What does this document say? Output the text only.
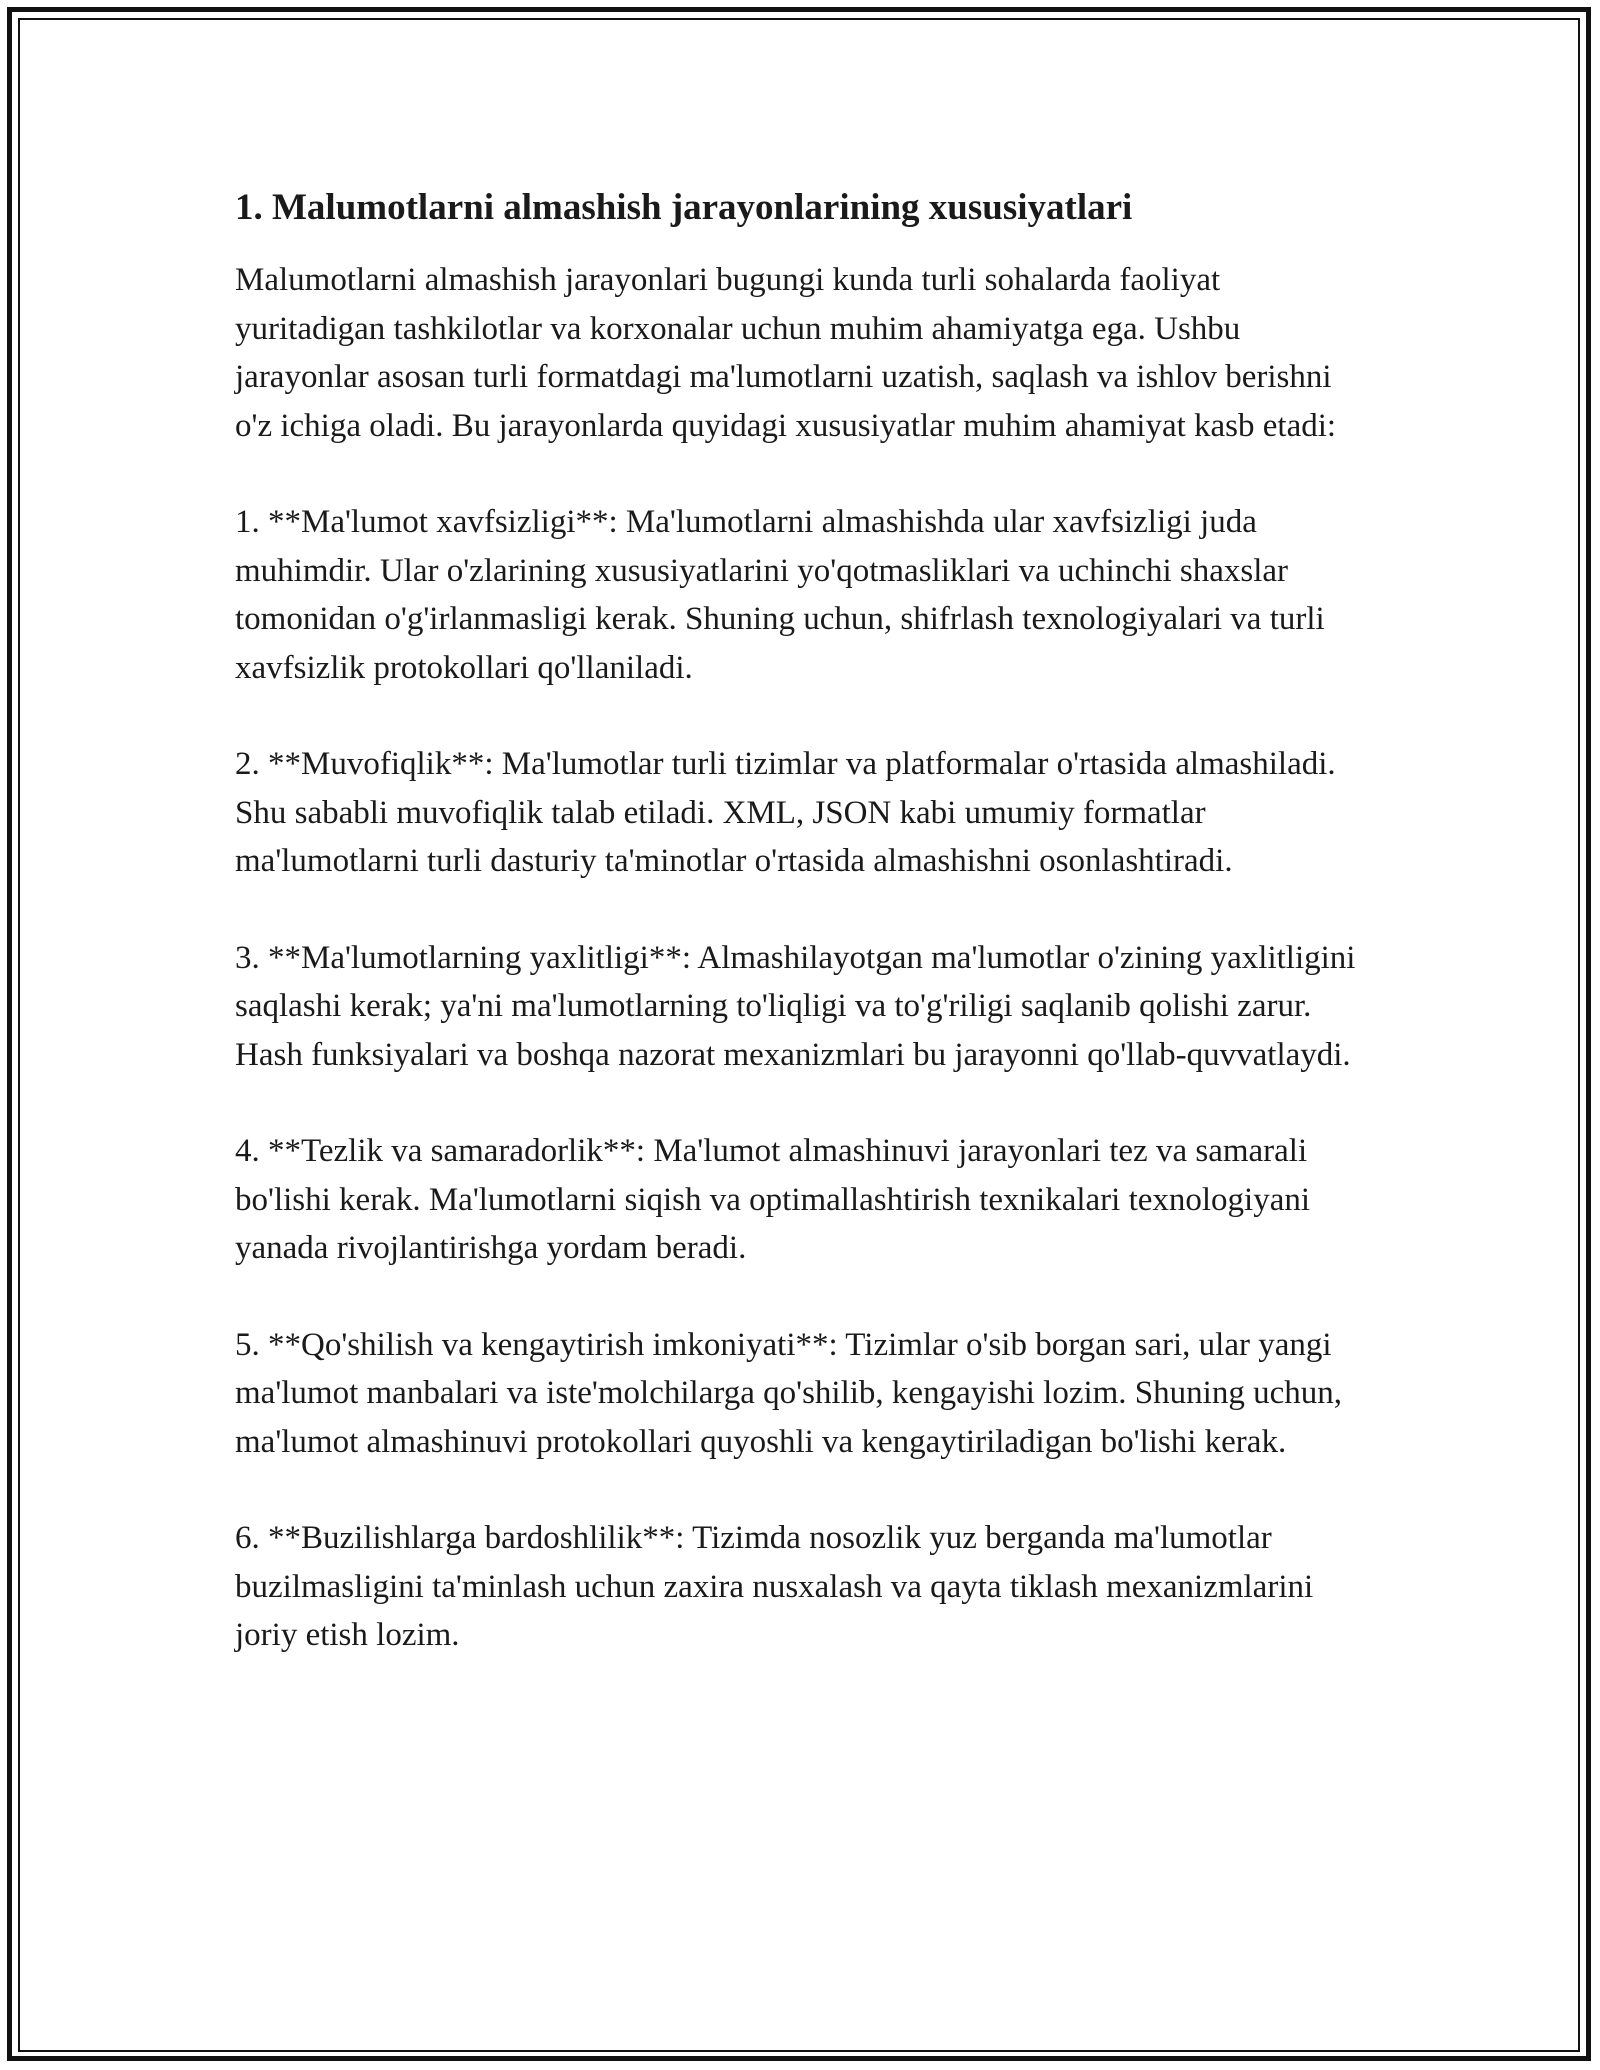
1. Malumotlarni almashish jarayonlarining xususiyatlari

Malumotlarni almashish jarayonlari bugungi kunda turli sohalarda faoliyat yuritadigan tashkilotlar va korxonalar uchun muhim ahamiyatga ega. Ushbu jarayonlar asosan turli formatdagi ma'lumotlarni uzatish, saqlash va ishlov berishni o'z ichiga oladi. Bu jarayonlarda quyidagi xususiyatlar muhim ahamiyat kasb etadi:

1. **Ma'lumot xavfsizligi**: Ma'lumotlarni almashishda ular xavfsizligi juda muhimdir. Ular o'zlarining xususiyatlarini yo'qotmasliklari va uchinchi shaxslar tomonidan o'g'irlanmasligi kerak. Shuning uchun, shifrlash texnologiyalari va turli xavfsizlik protokollari qo'llaniladi.

2. **Muvofiqlik**: Ma'lumotlar turli tizimlar va platformalar o'rtasida almashiladi. Shu sababli muvofiqlik talab etiladi. XML, JSON kabi umumiy formatlar ma'lumotlarni turli dasturiy ta'minotlar o'rtasida almashishni osonlashtiradi.

3. **Ma'lumotlarning yaxlitligi**: Almashilayotgan ma'lumotlar o'zining yaxlitligini saqlashi kerak; ya'ni ma'lumotlarning to'liqligi va to'g'riligi saqlanib qolishi zarur. Hash funksiyalari va boshqa nazorat mexanizmlari bu jarayonni qo'llab-quvvatlaydi.

4. **Tezlik va samaradorlik**: Ma'lumot almashinuvi jarayonlari tez va samarali bo'lishi kerak. Ma'lumotlarni siqish va optimallashtirish texnikalari texnologiyani yanada rivojlantirishga yordam beradi.

5. **Qo'shilish va kengaytirish imkoniyati**: Tizimlar o'sib borgan sari, ular yangi ma'lumot manbalari va iste'molchilarga qo'shilib, kengayishi lozim. Shuning uchun, ma'lumot almashinuvi protokollari quyoshli va kengaytiriladigan bo'lishi kerak.

6. **Buzilishlarga bardoshlilik**: Tizimda nosozlik yuz berganda ma'lumotlar buzilmasligini ta'minlash uchun zaxira nusxalash va qayta tiklash mexanizmlarini joriy etish lozim.
